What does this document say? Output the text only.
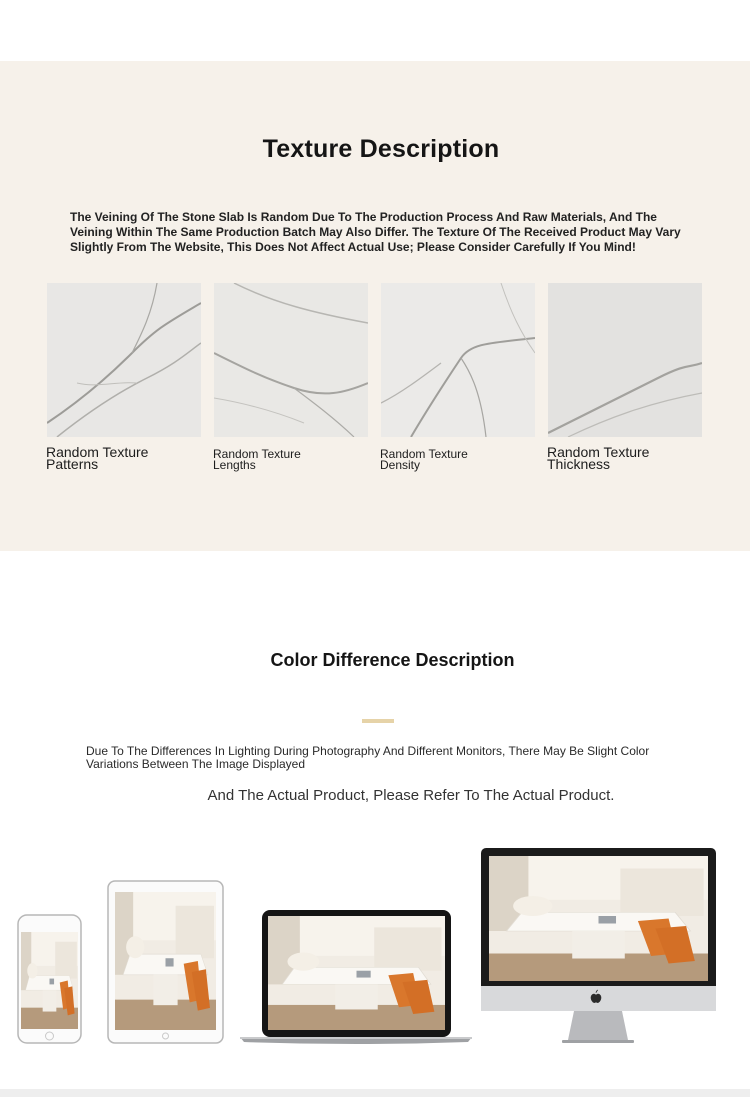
Texture Description
The Veining Of The Stone Slab Is Random Due To The Production Process And Raw Materials, And The Veining Within The Same Production Batch May Also Differ. The Texture Of The Received Product May Vary Slightly From The Website, This Does Not Affect Actual Use; Please Consider Carefully If You Mind!
Random Texture Patterns
Random Texture Lengths
Random Texture Density
Random Texture Thickness
Color Difference Description
Due To The Differences In Lighting During Photography And Different Monitors, There May Be Slight Color Variations Between The Image Displayed
And The Actual Product, Please Refer To The Actual Product.
